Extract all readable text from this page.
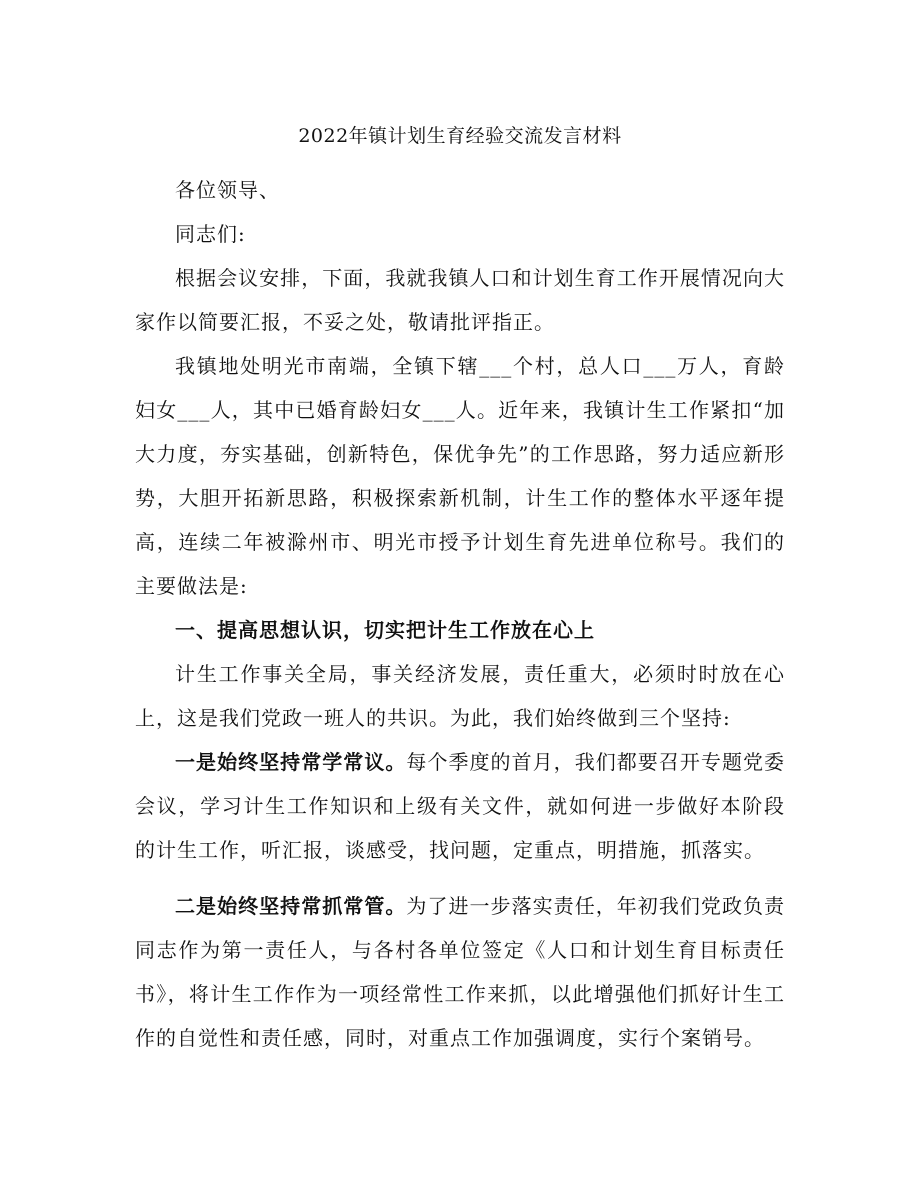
2022年镇计划生育经验交流发言材料

各位领导、

同志们:

根据会议安排，下面，我就我镇人口和计划生育工作开展情况向大家作以简要汇报，不妥之处，敬请批评指正。

我镇地处明光市南端，全镇下辖___个村，总人口___万人，育龄妇女___人，其中已婚育龄妇女___人。近年来，我镇计生工作紧扣“加大力度，夯实基础，创新特色，保优争先”的工作思路，努力适应新形势，大胆开拓新思路，积极探索新机制，计生工作的整体水平逐年提高，连续二年被滁州市、明光市授予计划生育先进单位称号。我们的主要做法是:

一、提高思想认识，切实把计生工作放在心上

计生工作事关全局，事关经济发展，责任重大，必须时时放在心上，这是我们党政一班人的共识。为此，我们始终做到三个坚持:

一是始终坚持常学常议。每个季度的首月，我们都要召开专题党委会议，学习计生工作知识和上级有关文件，就如何进一步做好本阶段的计生工作，听汇报，谈感受，找问题，定重点，明措施，抓落实。

二是始终坚持常抓常管。为了进一步落实责任，年初我们党政负责同志作为第一责任人，与各村各单位签定《人口和计划生育目标责任书》，将计生工作作为一项经常性工作来抓，以此增强他们抓好计生工作的自觉性和责任感，同时，对重点工作加强调度，实行个案销号。
